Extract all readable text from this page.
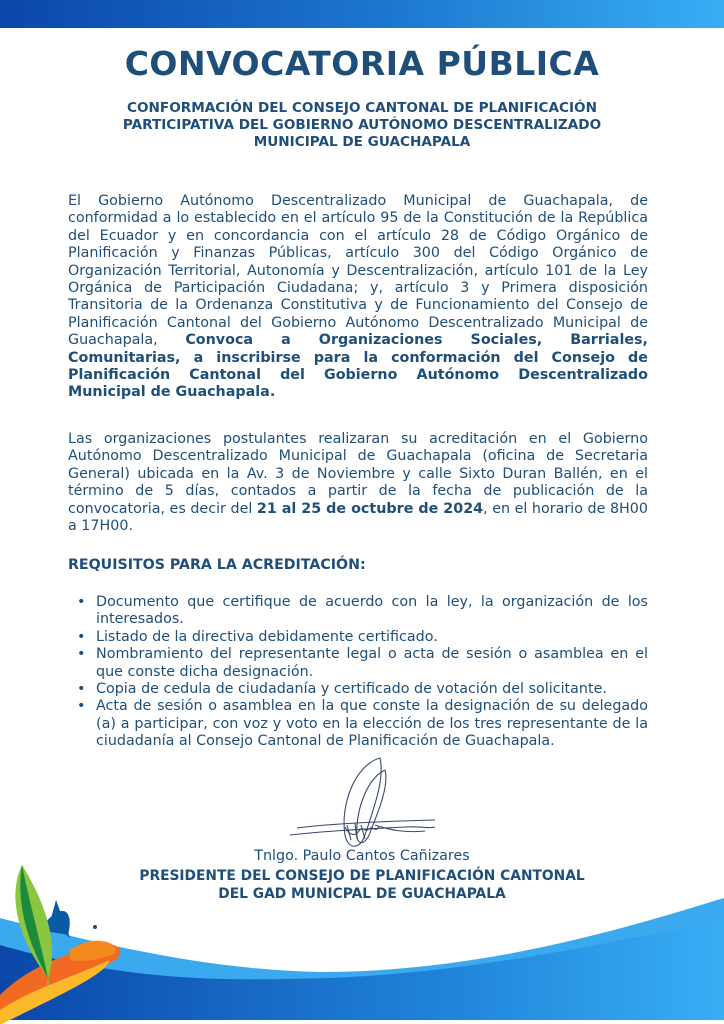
CONVOCATORIA PÚBLICA
CONFORMACIÓN DEL CONSEJO CANTONAL DE PLANIFICACIÓN
PARTICIPATIVA DEL GOBIERNO AUTÓNOMO DESCENTRALIZADO
MUNICIPAL DE GUACHAPALA
El Gobierno Autónomo Descentralizado Municipal de Guachapala, de conformidad a lo establecido en el artículo 95 de la Constitución de la República del Ecuador y en concordancia con el artículo 28 de Código Orgánico de Planificación y Finanzas Públicas, artículo 300 del Código Orgánico de Organización Territorial, Autonomía y Descentralización, artículo 101 de la Ley Orgánica de Participación Ciudadana; y, artículo 3 y Primera disposición Transitoria de la Ordenanza Constitutiva y de Funcionamiento del Consejo de Planificación Cantonal del Gobierno Autónomo Descentralizado Municipal de Guachapala, Convoca a Organizaciones Sociales, Barriales, Comunitarias, a inscribirse para la conformación del Consejo de Planificación Cantonal del Gobierno Autónomo Descentralizado Municipal de Guachapala.
Las organizaciones postulantes realizaran su acreditación en el Gobierno Autónomo Descentralizado Municipal de Guachapala (oficina de Secretaria General) ubicada en la Av. 3 de Noviembre y calle Sixto Duran Ballén, en el término de 5 días, contados a partir de la fecha de publicación de la convocatoria, es decir del 21 al 25 de octubre de 2024, en el horario de 8H00 a 17H00.
REQUISITOS PARA LA ACREDITACIÓN:
• Documento que certifique de acuerdo con la ley, la organización de los interesados.
• Listado de la directiva debidamente certificado.
• Nombramiento del representante legal o acta de sesión o asamblea en el que conste dicha designación.
• Copia de cedula de ciudadanía y certificado de votación del solicitante.
• Acta de sesión o asamblea en la que conste la designación de su delegado (a) a participar, con voz y voto en la elección de los tres representante de la ciudadanía al Consejo Cantonal de Planificación de Guachapala.
Tnlgo. Paulo Cantos Cañizares
PRESIDENTE DEL CONSEJO DE PLANIFICACIÓN CANTONAL
DEL GAD MUNICPAL DE GUACHAPALA
